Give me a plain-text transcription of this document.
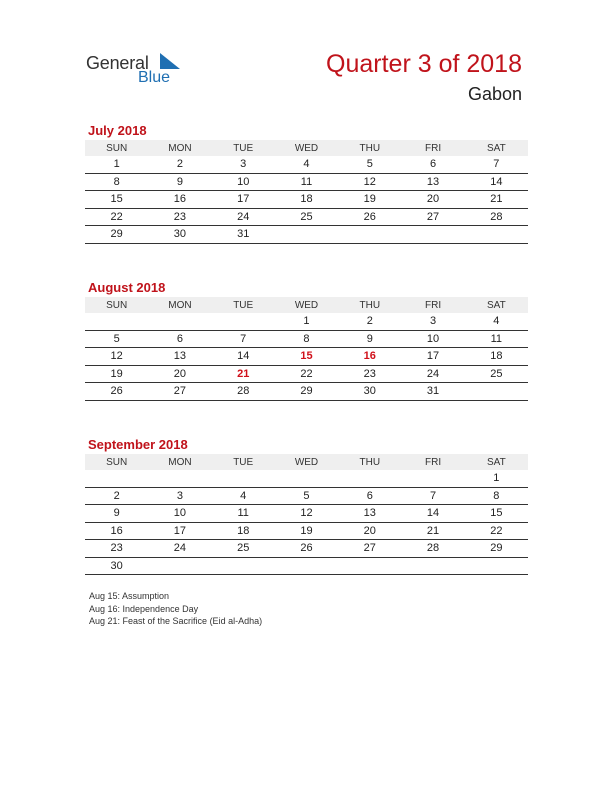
General
Blue	Quarter 3 of 2018
Gabon
July 2018
SUN	MON	TUE	WED	THU	FRI	SAT
1	2	3	4	5	6	7
8	9	10	11	12	13	14
15	16	17	18	19	20	21
22	23	24	25	26	27	28
29	30	31				
August 2018
SUN	MON	TUE	WED	THU	FRI	SAT
			1	2	3	4
5	6	7	8	9	10	11
12	13	14	15	16	17	18
19	20	21	22	23	24	25
26	27	28	29	30	31	
September 2018
SUN	MON	TUE	WED	THU	FRI	SAT
						1
2	3	4	5	6	7	8
9	10	11	12	13	14	15
16	17	18	19	20	21	22
23	24	25	26	27	28	29
30						
Aug 15: Assumption
Aug 16: Independence Day
Aug 21: Feast of the Sacrifice (Eid al-Adha)
